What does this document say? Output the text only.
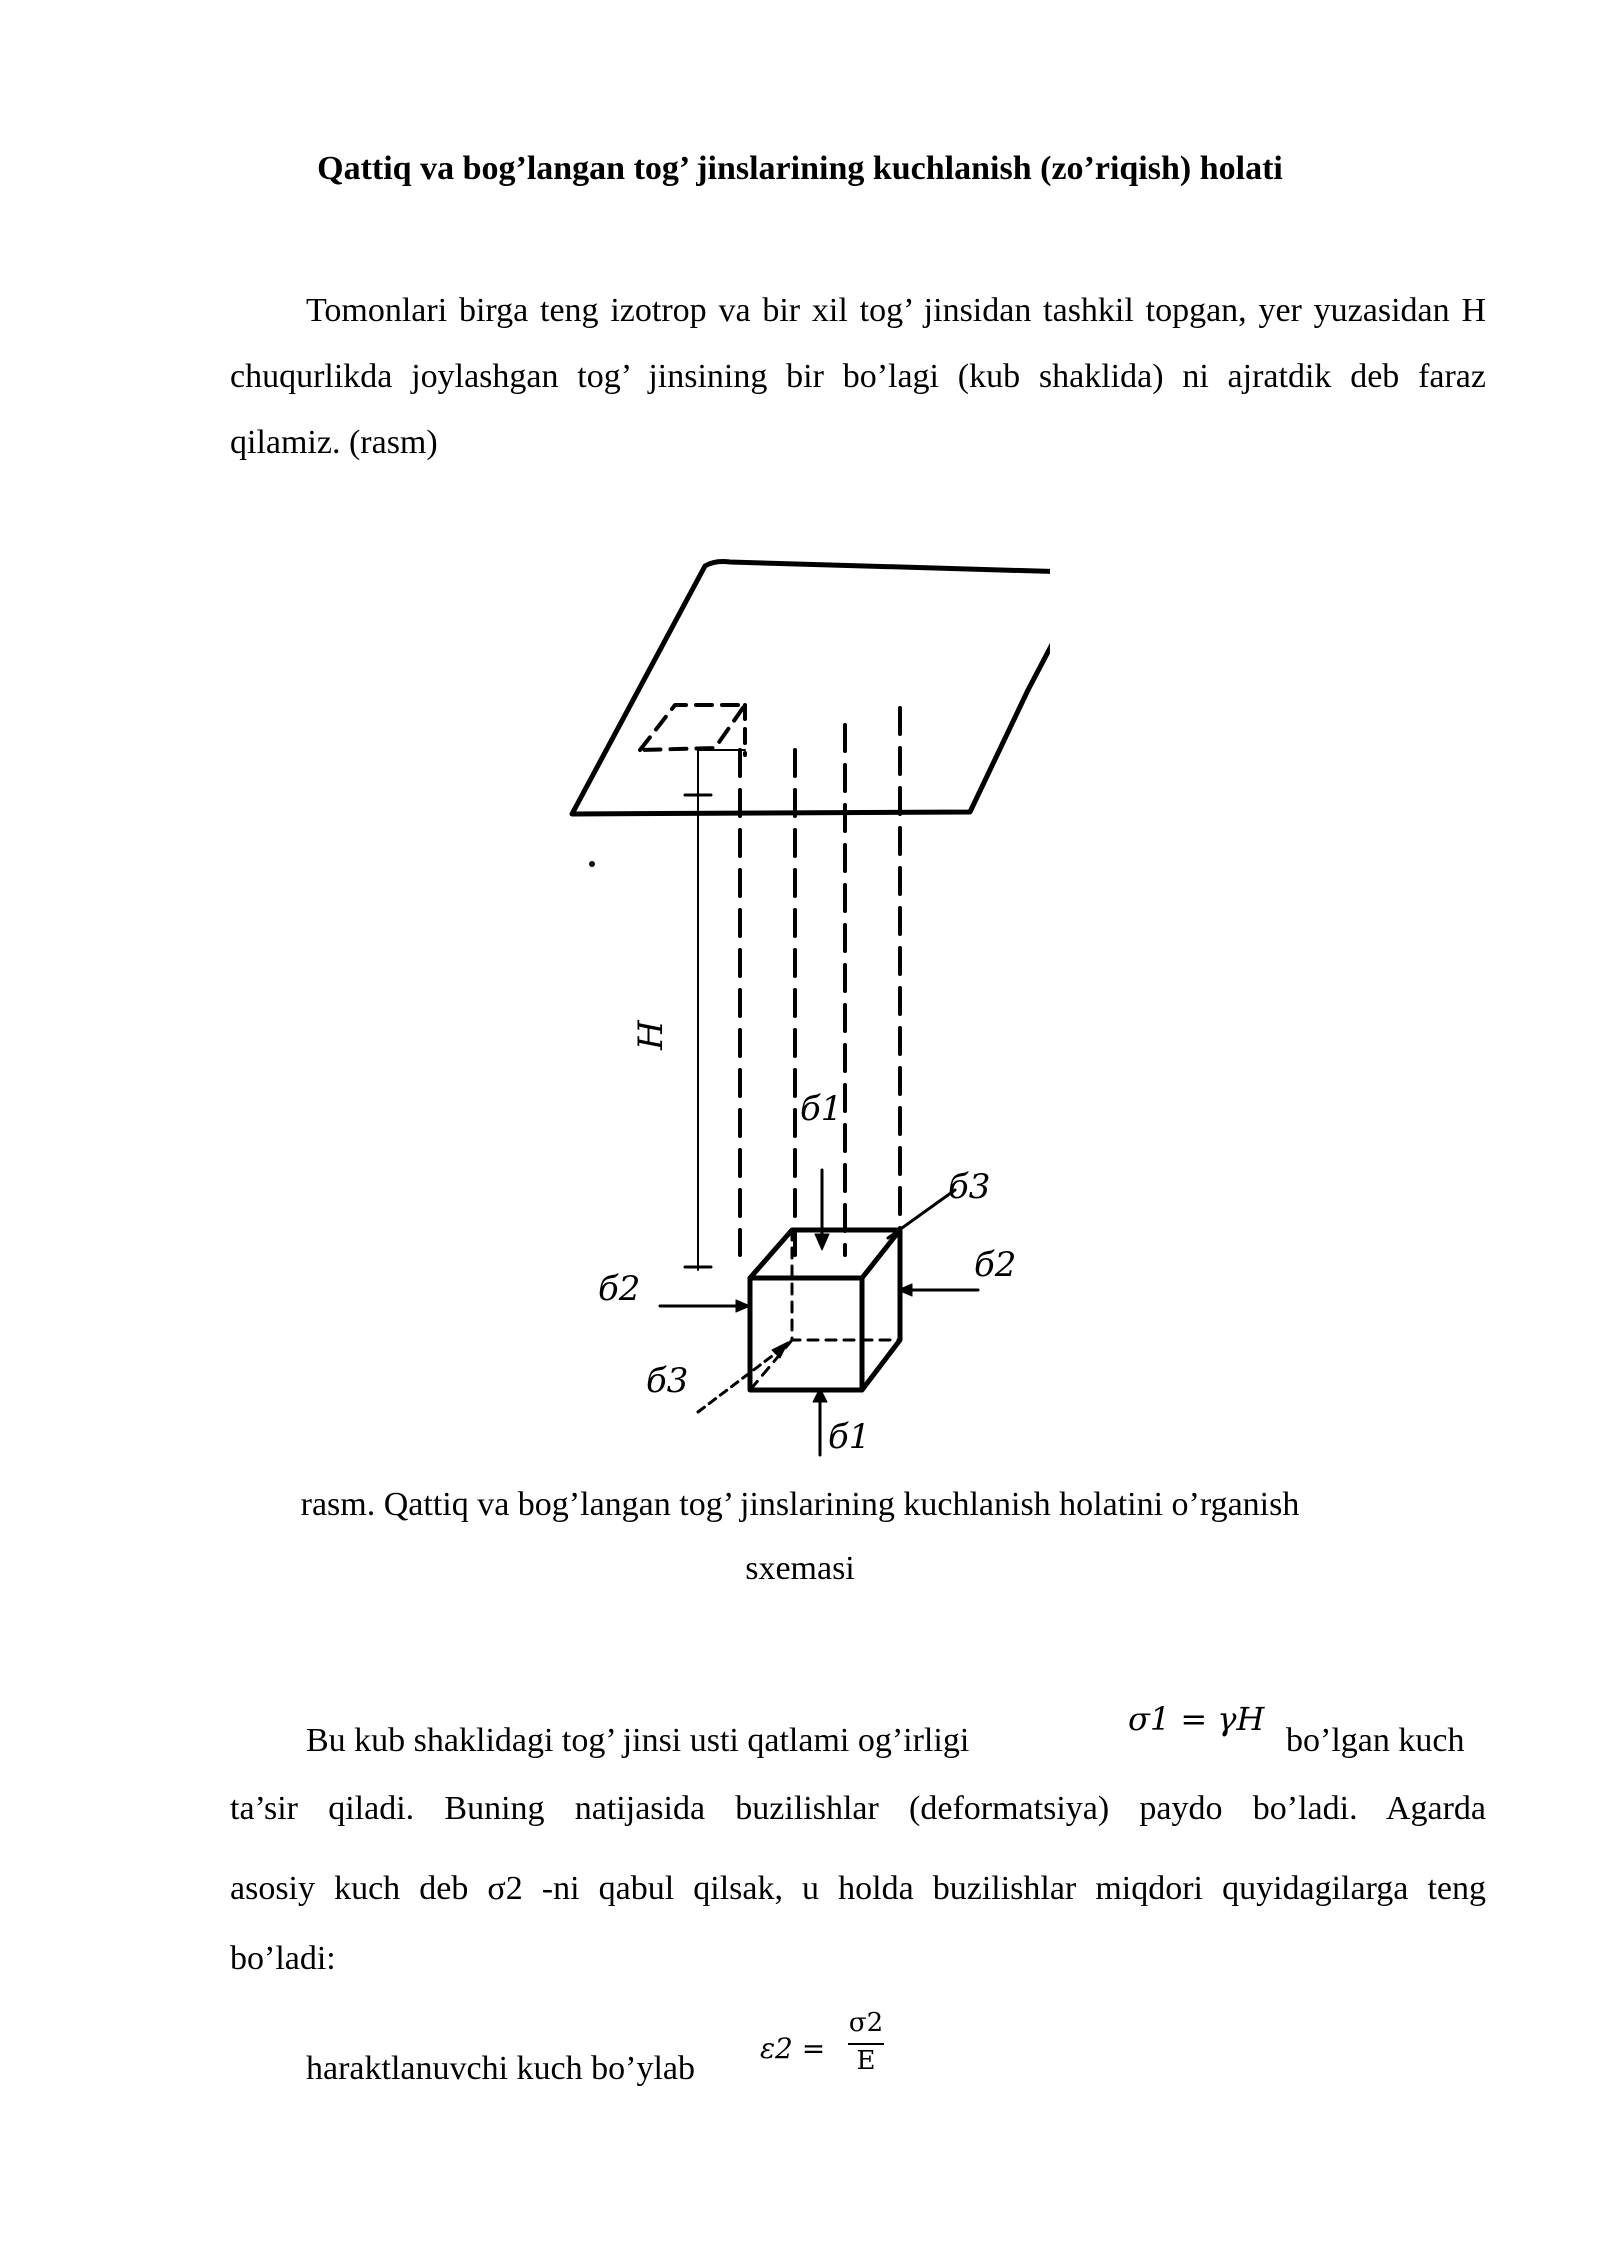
Qattiq va bog’langan tog’ jinslarining kuchlanish (zo’riqish) holati
Tomonlari birga teng izotrop va bir xil tog’ jinsidan tashkil topgan, yer yuzasidan H chuqurlikda joylashgan tog’ jinsining bir bo’lagi (kub shaklida) ni ajratdik deb faraz qilamiz. (rasm)
H
б1
б1
б2
б2
б3
б3
rasm. Qattiq va bog’langan tog’ jinslarining kuchlanish holatini o’rganish
sxemasi
Bu kub shaklidagi tog’ jinsi usti qatlami og’irligi
σ1 = γH
bo’lgan kuch
ta’sir qiladi. Buning natijasida buzilishlar (deformatsiya) paydo bo’ladi. Agarda
asosiy kuch deb σ2 -ni qabul qilsak, u holda buzilishlar miqdori quyidagilarga teng
bo’ladi:
haraktlanuvchi kuch bo’ylab
ε2 =
σ2
E
